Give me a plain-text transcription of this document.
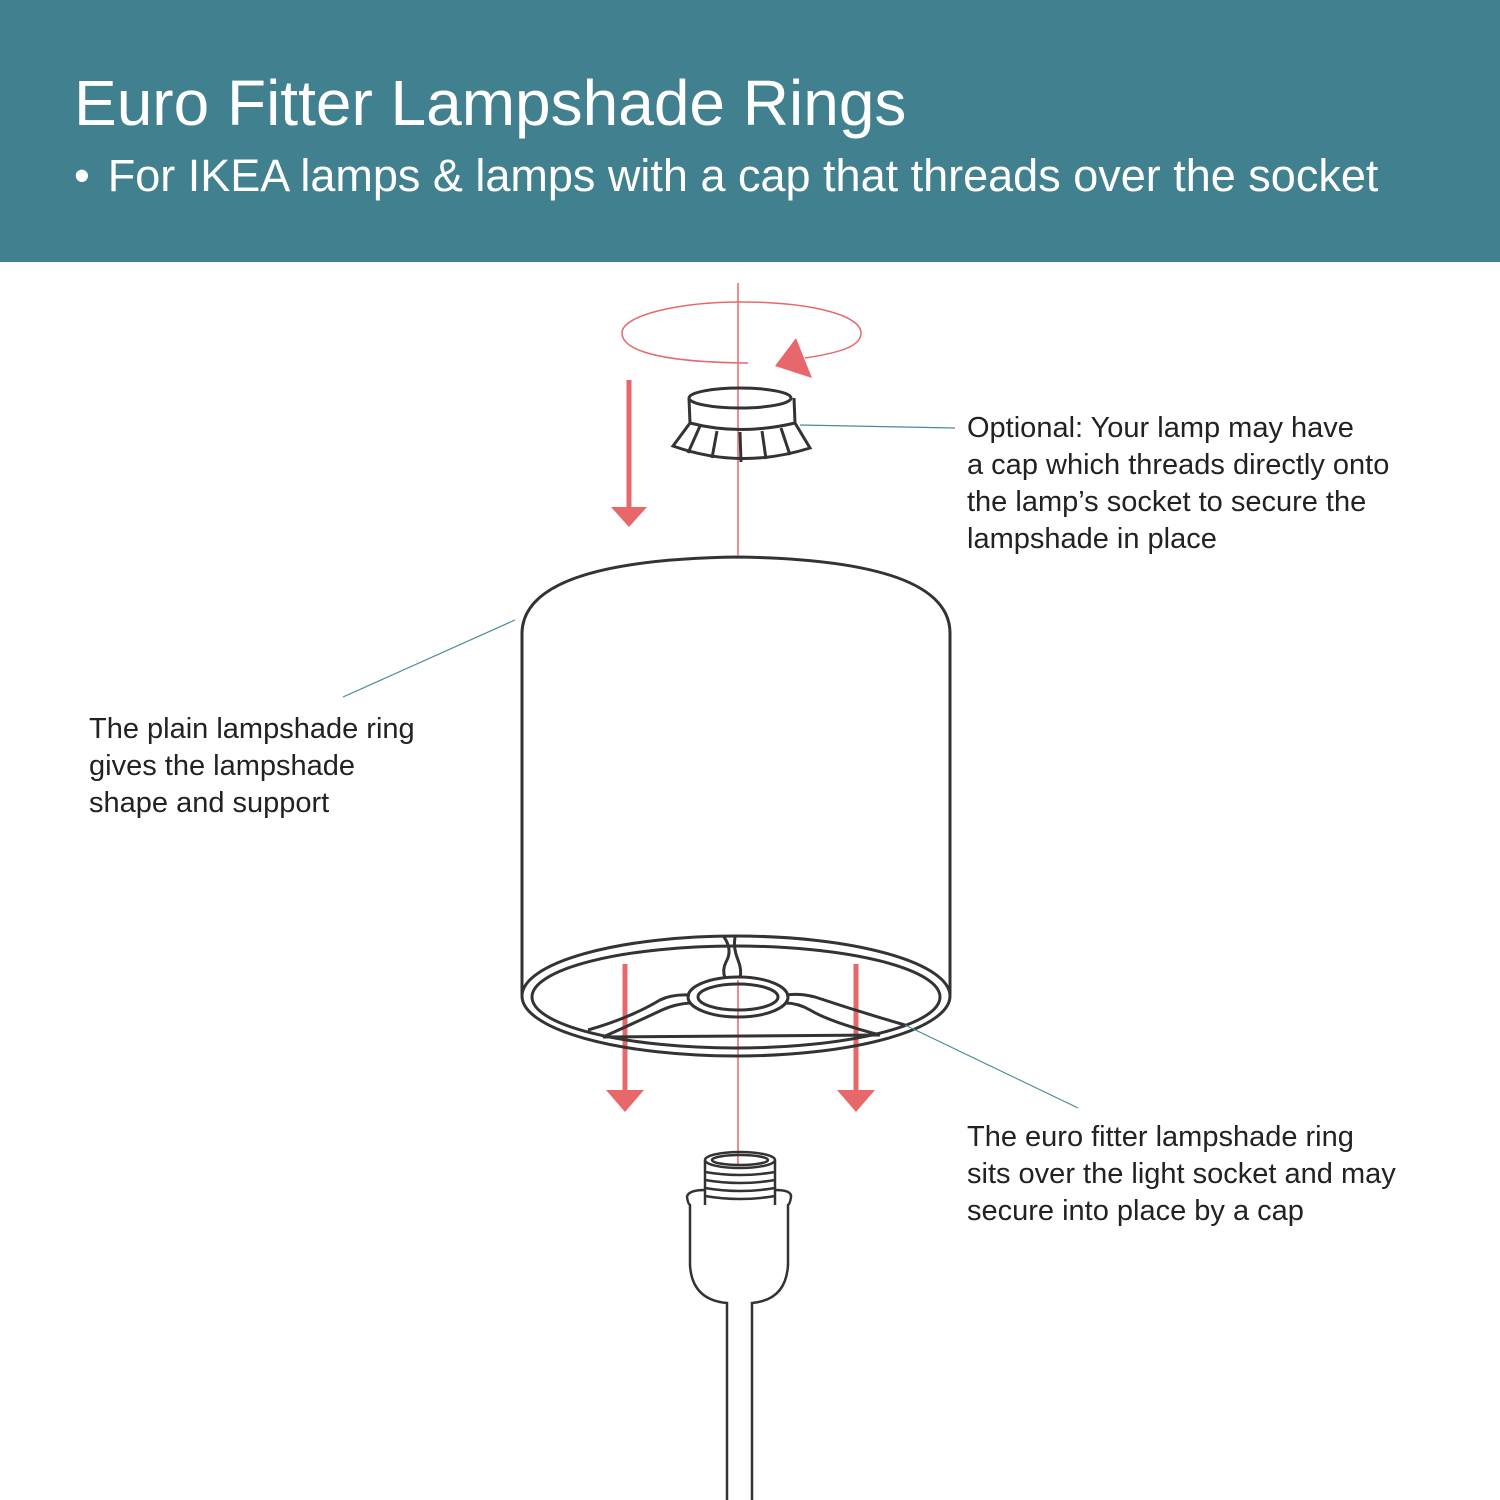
Euro Fitter Lampshade Rings
• For IKEA lamps & lamps with a cap that threads over the socket
Optional: Your lamp may have
a cap which threads directly onto
the lamp’s socket to secure the
lampshade in place
The plain lampshade ring
gives the lampshade
shape and support
The euro fitter lampshade ring
sits over the light socket and may
secure into place by a cap
